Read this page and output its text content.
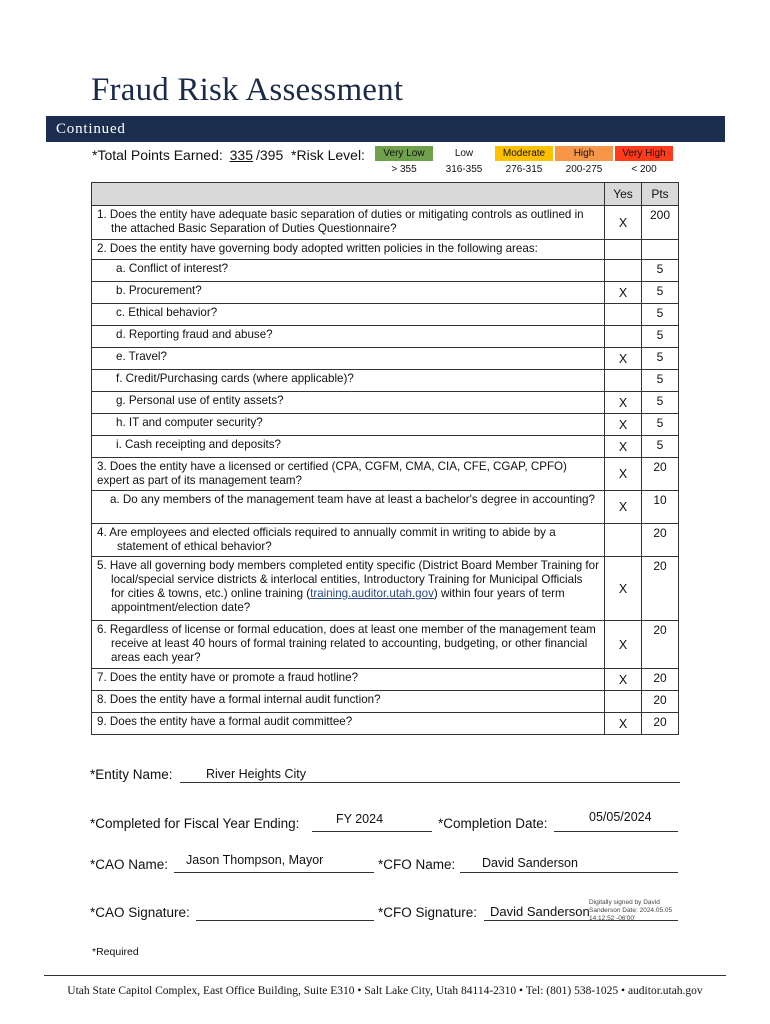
Fraud Risk Assessment
Continued
*Total Points Earned: 335 /395 *Risk Level:	Very Low
> 355
Low
316-355
Moderate
276-315
High
200-275
Very High
< 200
	Yes	Pts

1. Does the entity have adequate basic separation of duties or mitigating controls as outlined in the attached Basic Separation of Duties Questionnaire?	X	200
2. Does the entity have governing body adopted written policies in the following areas:		
a. Conflict of interest?		5
b. Procurement?	X	5
c. Ethical behavior?		5
d. Reporting fraud and abuse?		5
e. Travel?	X	5
f. Credit/Purchasing cards (where applicable)?		5
g. Personal use of entity assets?	X	5
h. IT and computer security?	X	5
i. Cash receipting and deposits?	X	5
3. Does the entity have a licensed or certified (CPA, CGFM, CMA, CIA, CFE, CGAP, CPFO) expert as part of its management team?	X	20

a. Do any members of the management team have at least a bachelor's degree in accounting?	X	10

4. Are employees and elected officials required to annually commit in writing to abide by a statement of ethical behavior?		20

5. Have all governing body members completed entity specific (District Board Member Training for local/special service districts & interlocal entities, Introductory Training for Municipal Officials for cities & towns, etc.) online training (training.auditor.utah.gov) within four years of term appointment/election date?	X	20

6. Regardless of license or formal education, does at least one member of the management team receive at least 40 hours of formal training related to accounting, budgeting, or other financial areas each year?	X	20
7. Does the entity have or promote a fraud hotline?	X	20
8. Does the entity have a formal internal audit function?		20
9. Does the entity have a formal audit committee?	X	20
*Entity Name:	River Heights City
*Completed for Fiscal Year Ending:	FY 2024	*Completion Date:	05/05/2024
*CAO Name: Jason Thompson, Mayor	*CFO Name: David Sanderson
*CAO Signature:	*CFO Signature: David Sanderson
Digitally signed by David Sanderson Date: 2024.05.05 14:12:52 -06'00'
*Required
Utah State Capitol Complex, East Office Building, Suite E310 • Salt Lake City, Utah 84114-2310 • Tel: (801) 538-1025 • auditor.utah.gov
